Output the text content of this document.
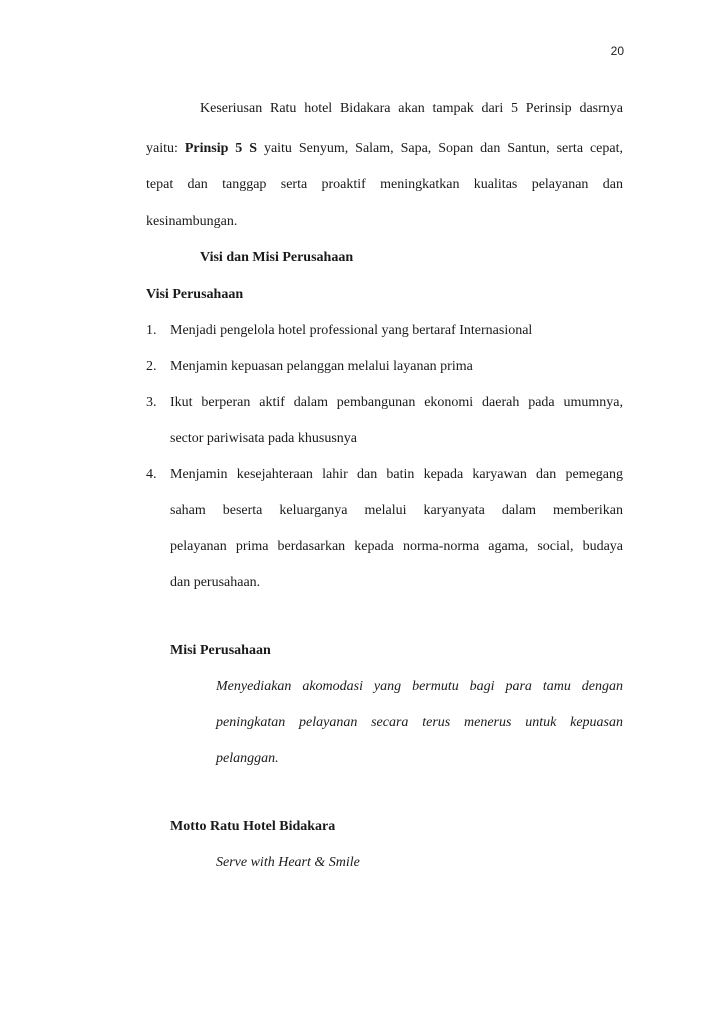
20
Keseriusan Ratu hotel Bidakara akan tampak dari 5 Perinsip dasrnya
yaitu: Prinsip 5 S yaitu Senyum, Salam, Sapa, Sopan dan Santun, serta cepat,
tepat dan tanggap serta proaktif meningkatkan kualitas pelayanan dan
kesinambungan.
Visi dan Misi Perusahaan
Visi Perusahaan
1. Menjadi pengelola hotel professional yang bertaraf Internasional
2. Menjamin kepuasan pelanggan melalui layanan prima
3. Ikut berperan aktif dalam pembangunan ekonomi daerah pada umumnya,
sector pariwisata pada khususnya
4. Menjamin kesejahteraan lahir dan batin kepada karyawan dan pemegang
saham beserta keluarganya melalui karyanyata dalam memberikan
pelayanan prima berdasarkan kepada norma-norma agama, social, budaya
dan perusahaan.
Misi Perusahaan
Menyediakan akomodasi yang bermutu bagi para tamu dengan
peningkatan pelayanan secara terus menerus untuk kepuasan
pelanggan.
Motto Ratu Hotel Bidakara
Serve with Heart & Smile
